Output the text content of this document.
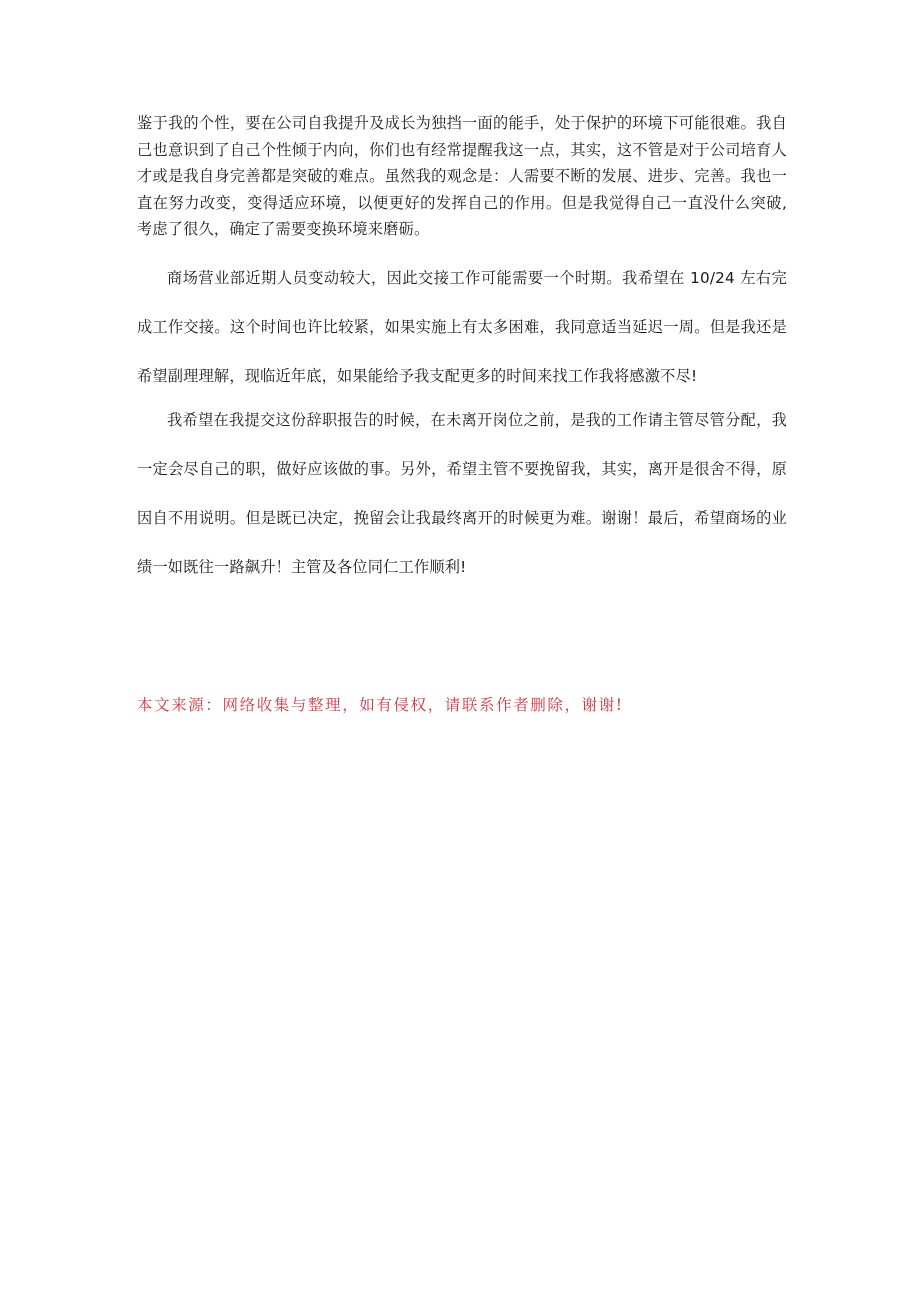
鉴于我的个性，要在公司自我提升及成长为独挡一面的能手，处于保护的环境下可能很难。我自己也意识到了自己个性倾于内向，你们也有经常提醒我这一点，其实，这不管是对于公司培育人才或是我自身完善都是突破的难点。虽然我的观念是：人需要不断的发展、进步、完善。我也一直在努力改变，变得适应环境，以便更好的发挥自己的作用。但是我觉得自己一直没什么突破,考虑了很久，确定了需要变换环境来磨砺。

商场营业部近期人员变动较大，因此交接工作可能需要一个时期。我希望在 10/24 左右完成工作交接。这个时间也许比较紧，如果实施上有太多困难，我同意适当延迟一周。但是我还是希望副理理解，现临近年底，如果能给予我支配更多的时间来找工作我将感激不尽!

我希望在我提交这份辞职报告的时候，在未离开岗位之前，是我的工作请主管尽管分配，我一定会尽自己的职，做好应该做的事。另外，希望主管不要挽留我，其实，离开是很舍不得，原因自不用说明。但是既已决定，挽留会让我最终离开的时候更为难。谢谢！最后，希望商场的业绩一如既往一路飙升！主管及各位同仁工作顺利!

本文来源：网络收集与整理，如有侵权，请联系作者删除，谢谢!
